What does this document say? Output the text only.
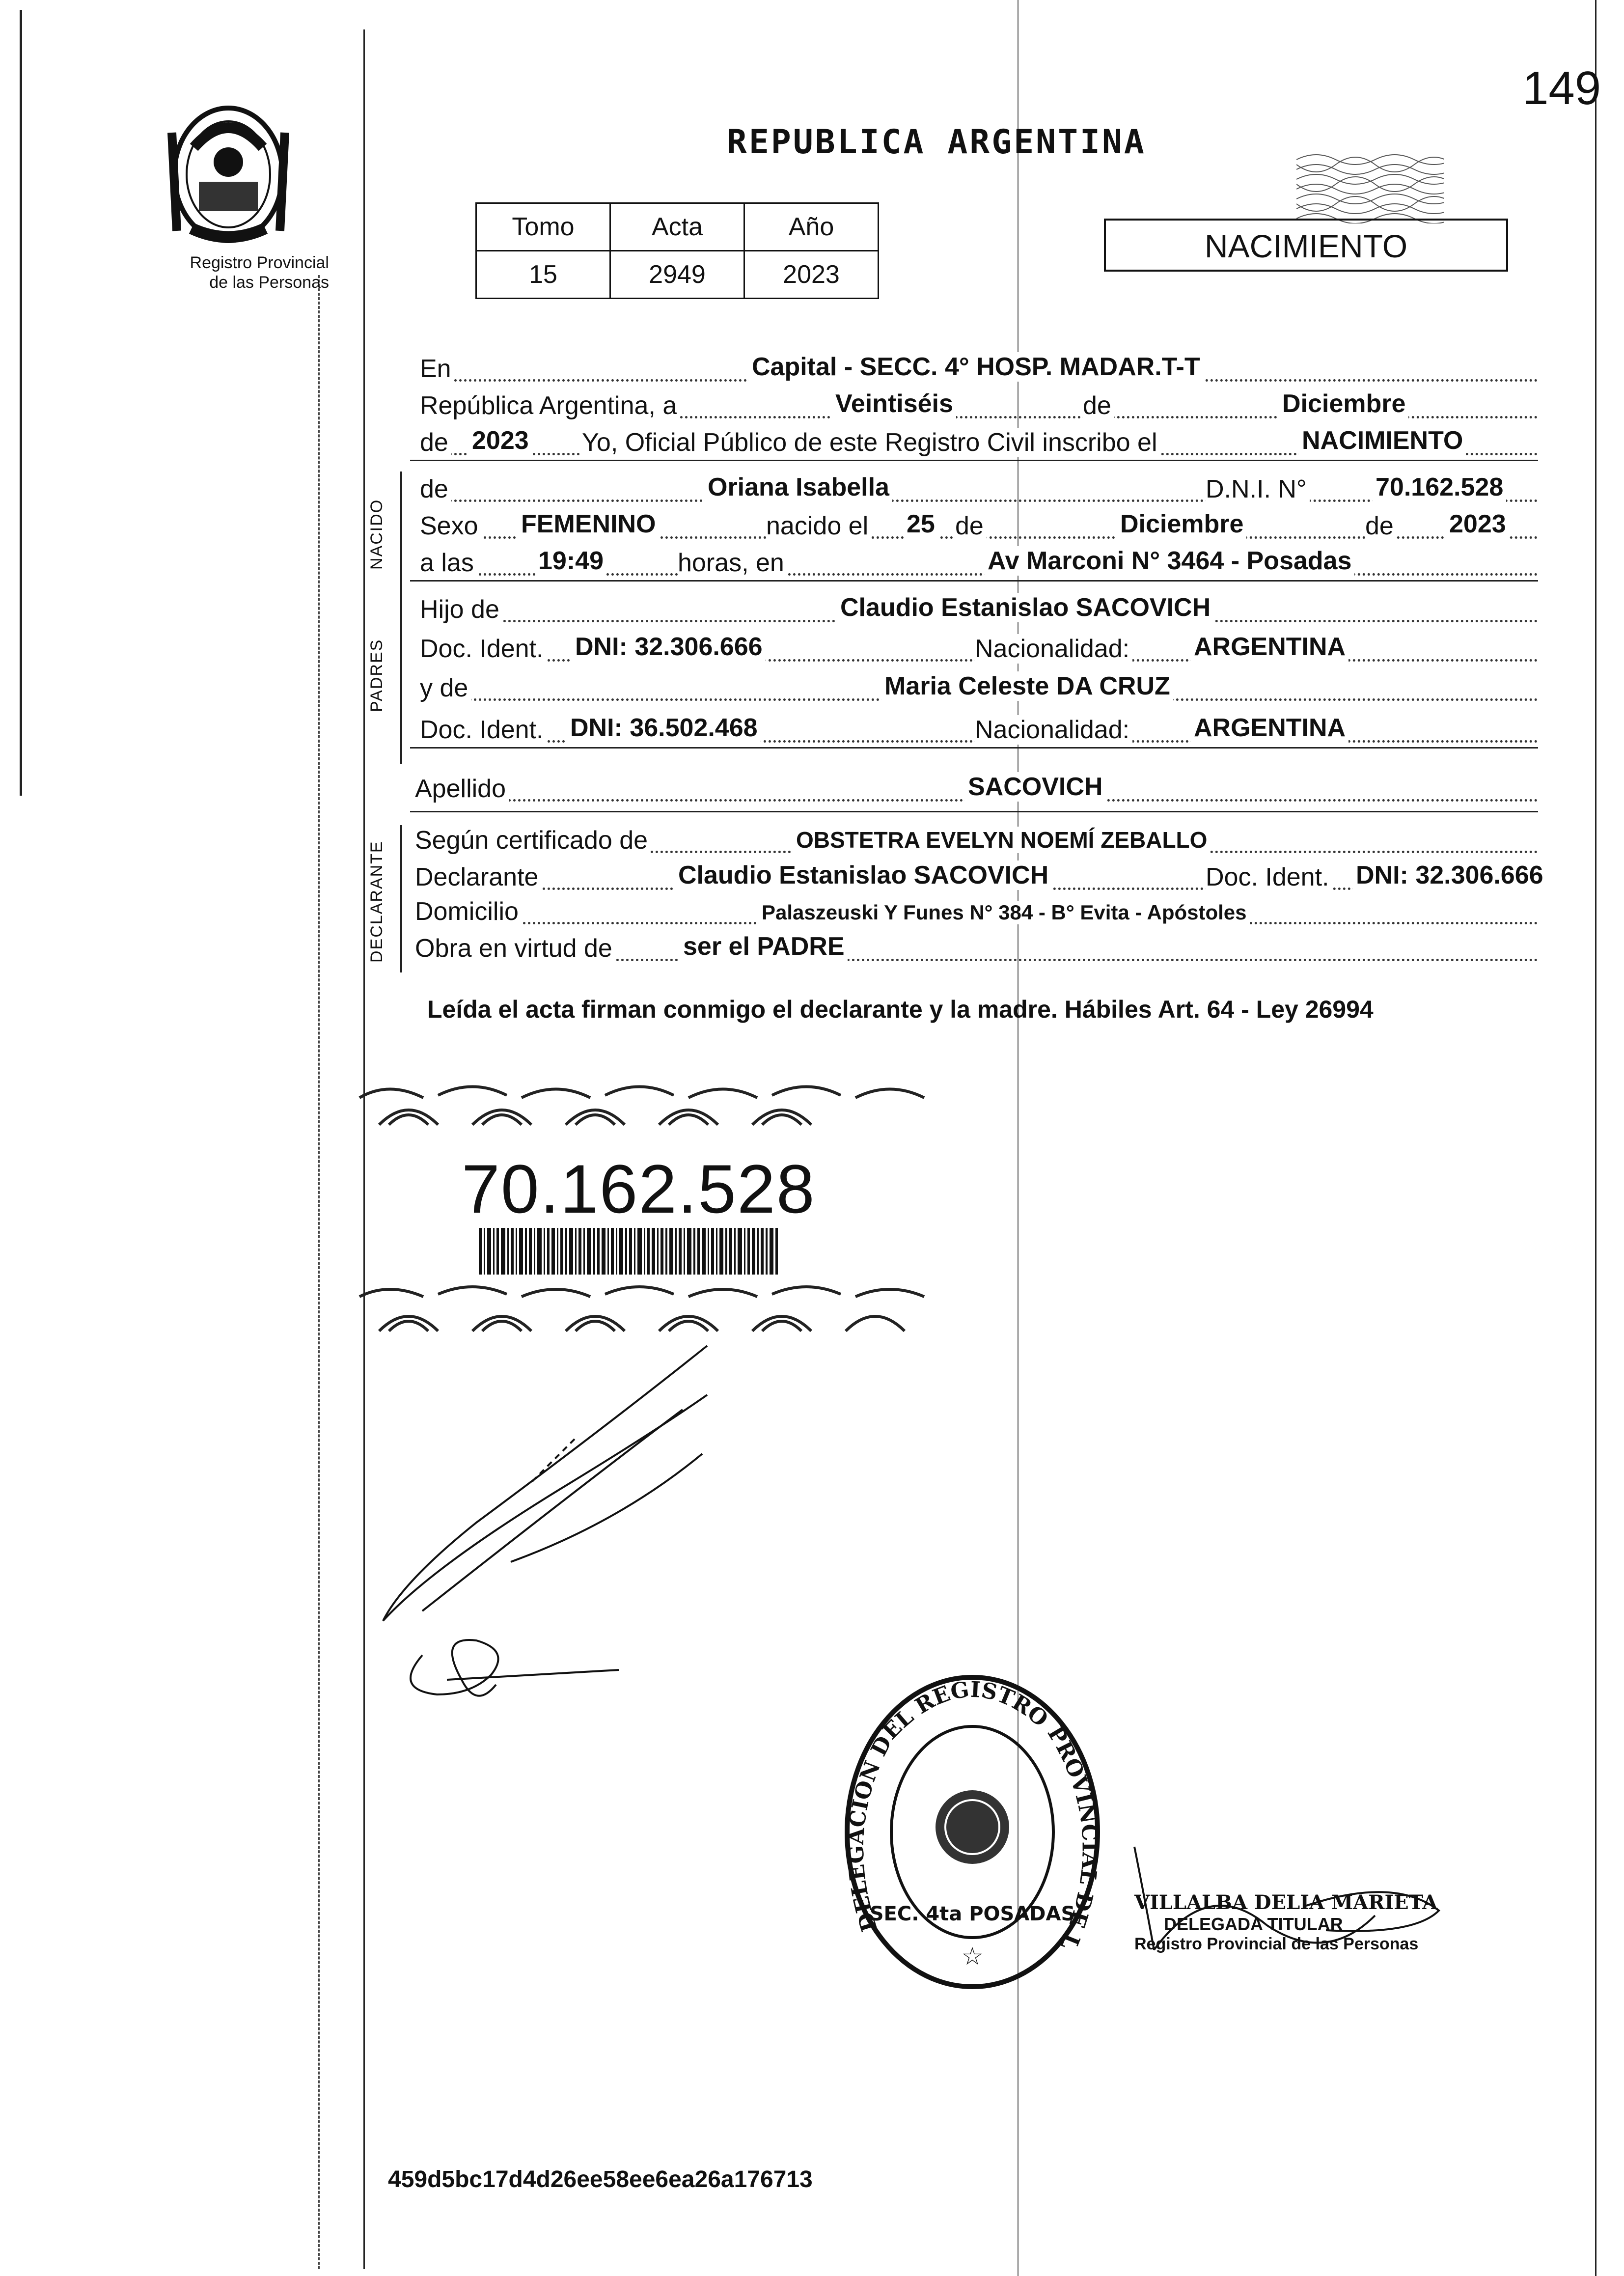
Registro Provincial
de las Personas
149
REPUBLICA ARGENTINA
Tomo	Acta	Año
15	2949	2023
NACIMIENTO
En	Capital - SECC. 4° HOSP. MADAR.T-T
República Argentina, a	Veintiséis	de	Diciembre
de 2023 Yo, Oficial Público de este Registro Civil inscribo el	NACIMIENTO
NACIDO
de	Oriana Isabella	D.N.I. N°	70.162.528
Sexo FEMENINO	nacido el 25 de	Diciembre	de 2023
a las	19:49	horas, en	Av Marconi N° 3464 - Posadas
PADRES
Hijo de	Claudio Estanislao SACOVICH
Doc. Ident. DNI: 32.306.666	Nacionalidad:	ARGENTINA
y de	Maria Celeste DA CRUZ
Doc. Ident. DNI: 36.502.468	Nacionalidad:	ARGENTINA
Apellido	SACOVICH
DECLARANTE
Según certificado de	OBSTETRA EVELYN NOEMÍ ZEBALLO
Declarante	Claudio Estanislao SACOVICH	Doc. Ident. DNI: 32.306.666
Domicilio	Palaszeuski Y Funes N° 384 - B° Evita - Apóstoles
Obra en virtud de	ser el PADRE
Leída el acta firman conmigo el declarante y la madre. Hábiles Art. 64 - Ley 26994
70.162.528
DELEGACION DEL REGISTRO PROVINCIAL DE L
SEC. 4ta POSADAS
☆
VILLALBA DELIA MARIETA
DELEGADA TITULAR
Registro Provincial de las Personas
459d5bc17d4d26ee58ee6ea26a176713
